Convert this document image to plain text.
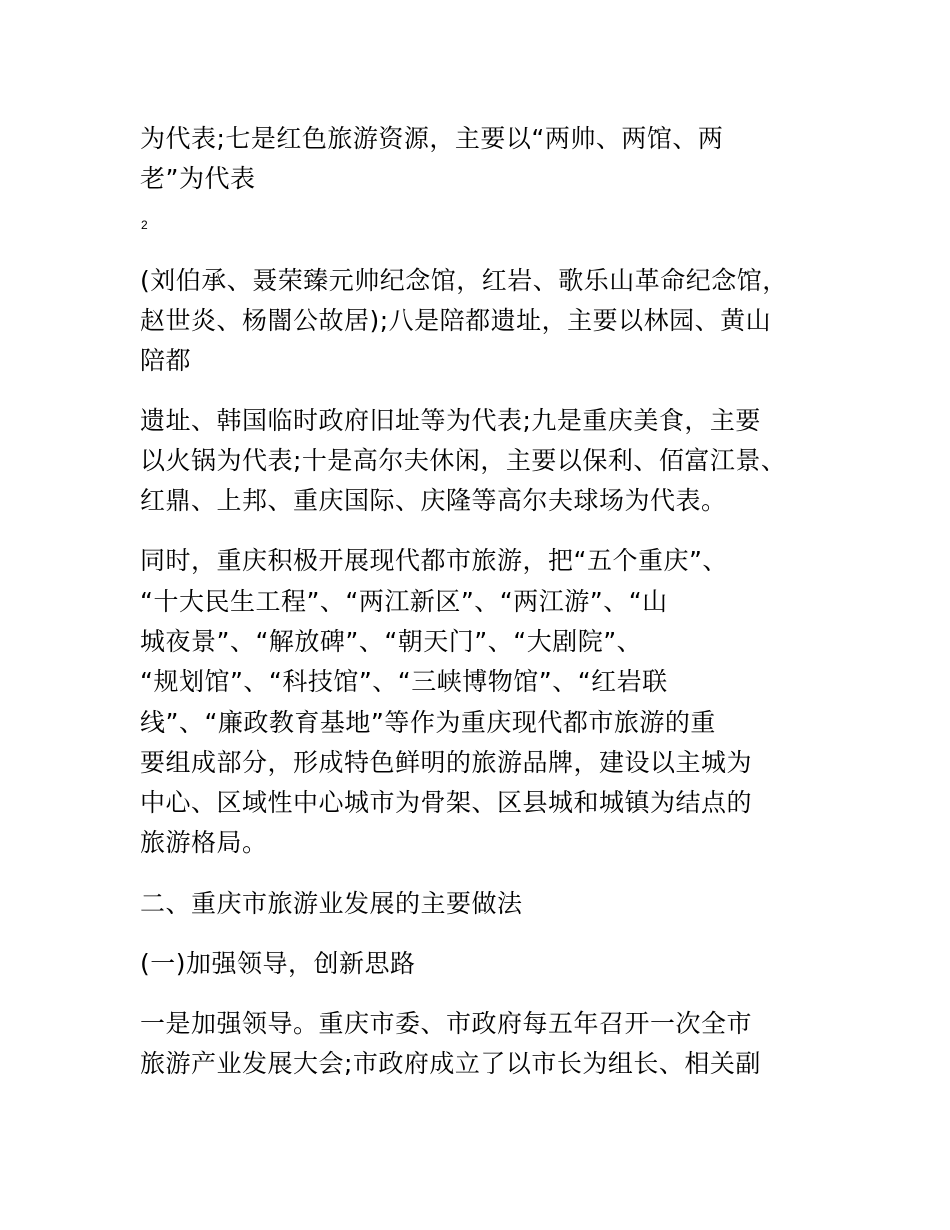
为代表;七是红色旅游资源，主要以“两帅、两馆、两
老”为代表
2
(刘伯承、聂荣臻元帅纪念馆，红岩、歌乐山革命纪念馆，
赵世炎、杨闇公故居);八是陪都遗址，主要以林园、黄山
陪都
遗址、韩国临时政府旧址等为代表;九是重庆美食，主要
以火锅为代表;十是高尔夫休闲，主要以保利、佰富江景、
红鼎、上邦、重庆国际、庆隆等高尔夫球场为代表。
同时，重庆积极开展现代都市旅游，把“五个重庆”、
“十大民生工程”、“两江新区”、“两江游”、“山
城夜景”、“解放碑”、“朝天门”、“大剧院”、
“规划馆”、“科技馆”、“三峡博物馆”、“红岩联
线”、“廉政教育基地”等作为重庆现代都市旅游的重
要组成部分，形成特色鲜明的旅游品牌，建设以主城为
中心、区域性中心城市为骨架、区县城和城镇为结点的
旅游格局。
二、重庆市旅游业发展的主要做法
(一)加强领导，创新思路
一是加强领导。重庆市委、市政府每五年召开一次全市
旅游产业发展大会;市政府成立了以市长为组长、相关副
